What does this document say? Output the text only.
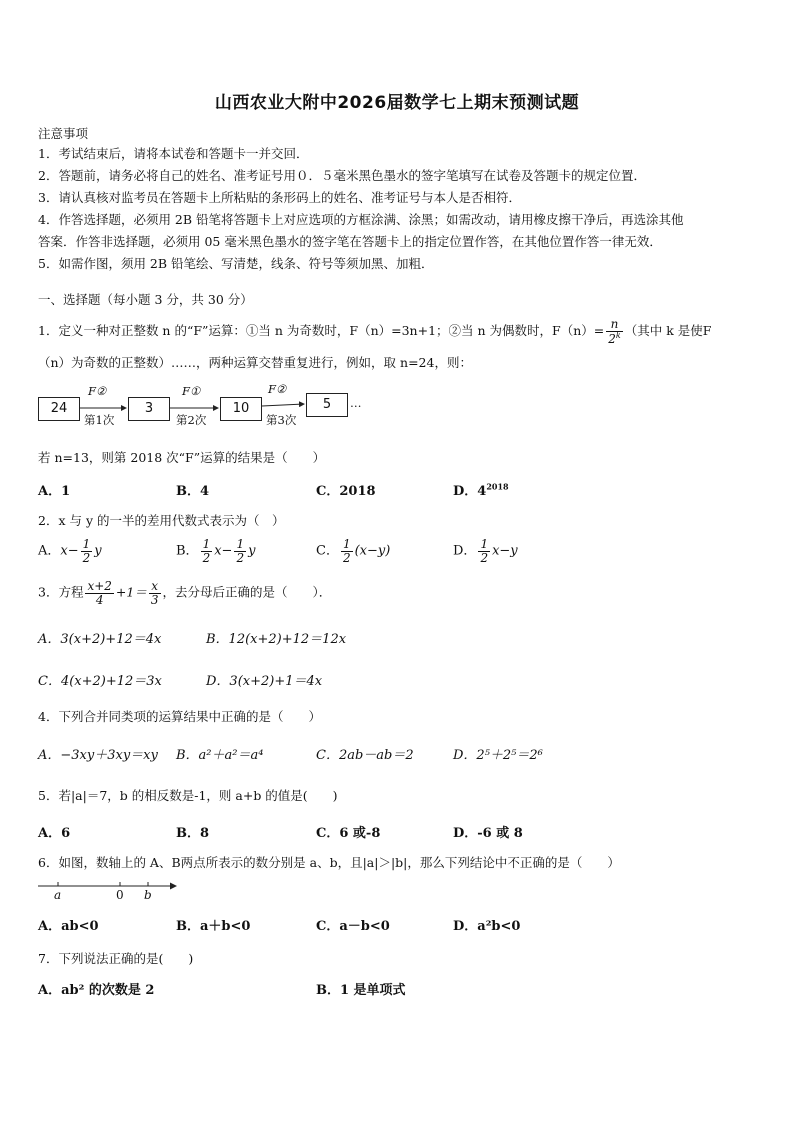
山西农业大附中2026届数学七上期末预测试题
注意事项
1．考试结束后，请将本试卷和答题卡一并交回．
2．答题前，请务必将自己的姓名、准考证号用０．５毫米黑色墨水的签字笔填写在试卷及答题卡的规定位置．
3．请认真核对监考员在答题卡上所粘贴的条形码上的姓名、准考证号与本人是否相符．
4．作答选择题，必须用 2B 铅笔将答题卡上对应选项的方框涂满、涂黑；如需改动，请用橡皮擦干净后，再选涂其他
答案．作答非选择题，必须用 05 毫米黑色墨水的签字笔在答题卡上的指定位置作答，在其他位置作答一律无效．
5．如需作图，须用 2B 铅笔绘、写清楚，线条、符号等须加黑、加粗．
一、选择题（每小题 3 分，共 30 分）
1．定义一种对正整数 n 的“F”运算：①当 n 为奇数时，F（n）=3n+1；②当 n 为偶数时，$F(n)= \frac{n}{2^k}$ （其中 k 是使F
（n）为奇数的正整数）……，两种运算交替重复进行，例如，取 n=24，则：
24	3	10	5	…
F②	F①	F②
第1次	第2次	第3次
若 n=13，则第 2018 次“F”运算的结果是（　　）
A．1	B．4	C．2018	D．$4^{2018}$
2．x 与 y 的一半的差用代数式表示为（　）
A．$x- \frac{1}{2}$ y	B． $\frac{1}{2} x- \frac{1}{2}$ y	C． $\frac{1}{2} (x-y)$	D． $\frac{1}{2} x-y$
3．方程 $\frac{x+2}{4} +1= \frac{x}{3}$ ，去分母后正确的是（　　）．
A．3(x+2)+12＝4x	B．12(x+2)+12＝12x
C．4(x+2)+12＝3x	D．3(x+2)+1＝4x
4．下列合并同类项的运算结果中正确的是（　　）
A．−3xy＋3xy＝xy B．a²＋a²＝a⁴	C．2ab－ab＝2	D．2⁵＋2⁵＝2⁶
5．若|a|＝7，b 的相反数是-1，则 a+b 的值是(　　)
A．6	B．8	C．6 或-8	D．-6 或 8
6．如图，数轴上的 A、B两点所表示的数分别是 a、b，且|a|＞|b|，那么下列结论中不正确的是（　　）
a	0 b
A．ab<0	B．a＋b<0	C．a－b<0	D．a²b<0
7．下列说法正确的是(　　)
A．ab² 的次数是 2	B．1 是单项式
